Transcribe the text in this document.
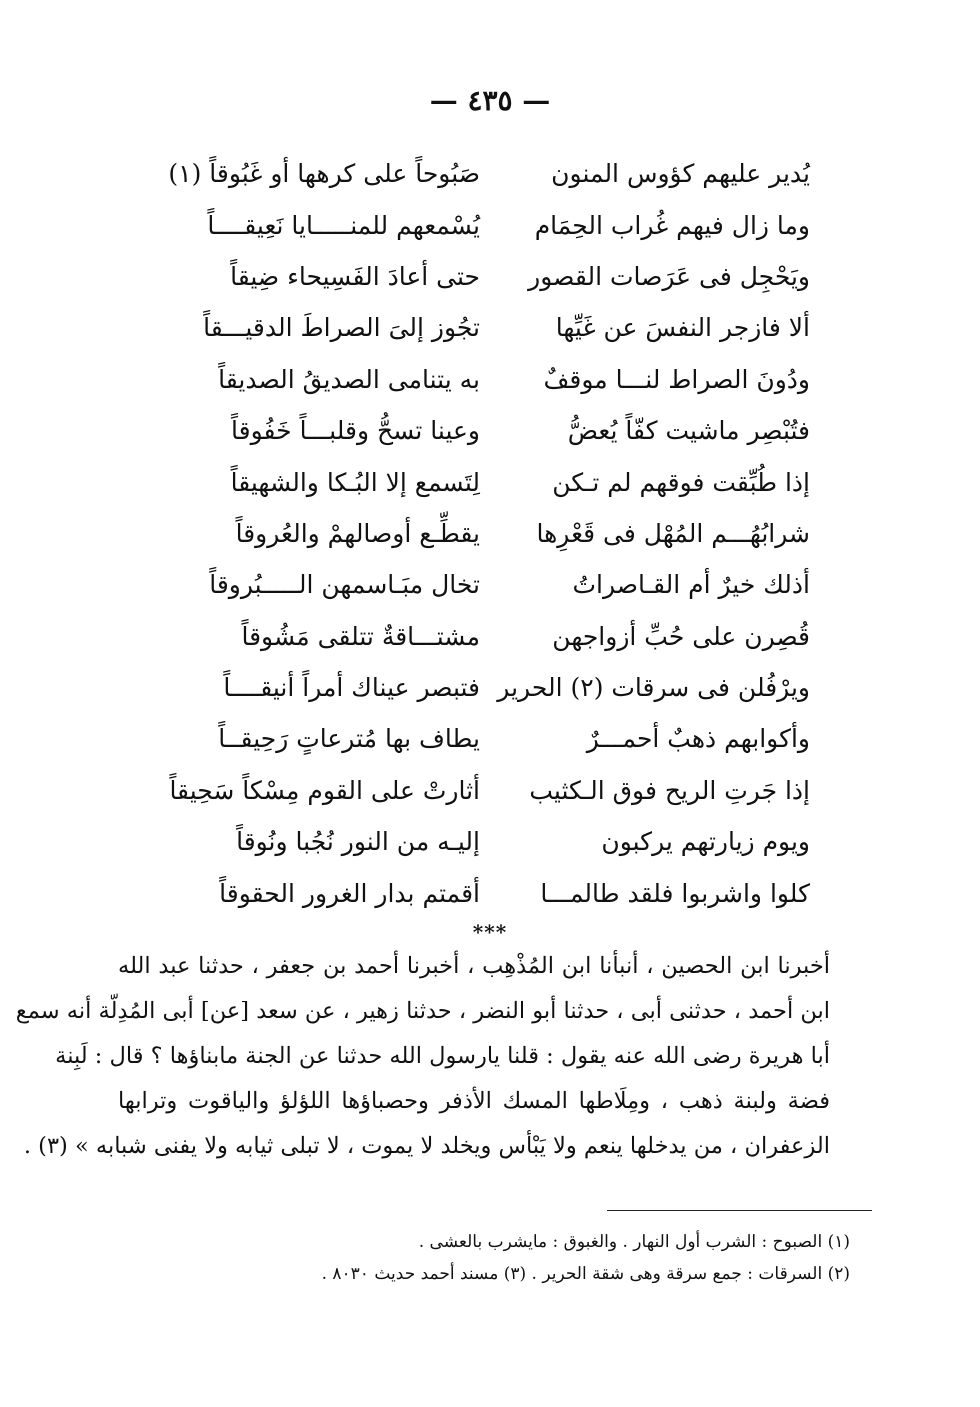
— ٤٣٥ —
يُدير عليهم كؤوس المنون
صَبُوحاً على كرهها أو غَبُوقاً (١)
وما زال فيهم غُراب الحِمَام
يُسْمعهم للمنـــــايا نَعِيقــــاً
ويَحْجِل فى عَرَصات القصور
حتى أعادَ الفَسِيحاء ضِيقاً
ألا فازجر النفسَ عن غَيِّها
تجُوز إلىَ الصراطَ الدقيـــقاً
ودُونَ الصراط لنـــا موقفٌ
به يتنامى الصديقُ الصديقاً
فتُبْصِر ماشيت كفّاً يُعضُّ
وعينا تسحُّ وقلبـــاً خَفُوقاً
إذا طُبِّقت فوقهم لم تـكن
لِتَسمع إلا البُـكا والشهيقاً
شرابُهُـــم المُهْل فى قَعْرِها
يقطِّـع أوصالهمْ والعُروقاً
أذلك خيرٌ أم القـاصراتُ
تخال مبَـاسمهن الـــــبُروقاً
قُصِرن على حُبِّ أزواجهن
مشتـــاقةٌ تتلقى مَشُوقاً
ويرْفُلن فى سرقات (٢) الحرير
فتبصر عيناك أمراً أنيقــــاً
وأكوابهم ذهبٌ أحمـــرٌ
يطاف بها مُترعاتٍ رَحِيقــاً
إذا جَرتِ الريح فوق الـكثيب
أثارتْ على القوم مِسْكاً سَحِيقاً
ويوم زيارتهم يركبون
إليـه من النور نُجُبا ونُوقاً
كلوا واشربوا فلقد طالمـــا
أقمتم بدار الغرور الحقوقاً
***
أخبرنا ابن الحصين ، أنبأنا ابن المُذْهِب ، أخبرنا أحمد بن جعفر ، حدثنا عبد الله
ابن أحمد ، حدثنى أبى ، حدثنا أبو النضر ، حدثنا زهير ، عن سعد [عن] أبى المُدِلّة أنه سمع
أبا هريرة رضى الله عنه يقول : قلنا يارسول الله حدثنا عن الجنة مابناؤها ؟ قال : لَبِنة
فضة ولبنة ذهب ، ومِلَاطها المسك الأذفر وحصباؤها اللؤلؤ والياقوت وترابها
الزعفران ، من يدخلها ينعم ولا يَبْأس ويخلد لا يموت ، لا تبلى ثيابه ولا يفنى شبابه » (٣) .
(١) الصبوح : الشرب أول النهار . والغبوق : مايشرب بالعشى .
(٢) السرقات : جمع سرقة وهى شقة الحرير . (٣) مسند أحمد حديث ٨٠٣٠ .
